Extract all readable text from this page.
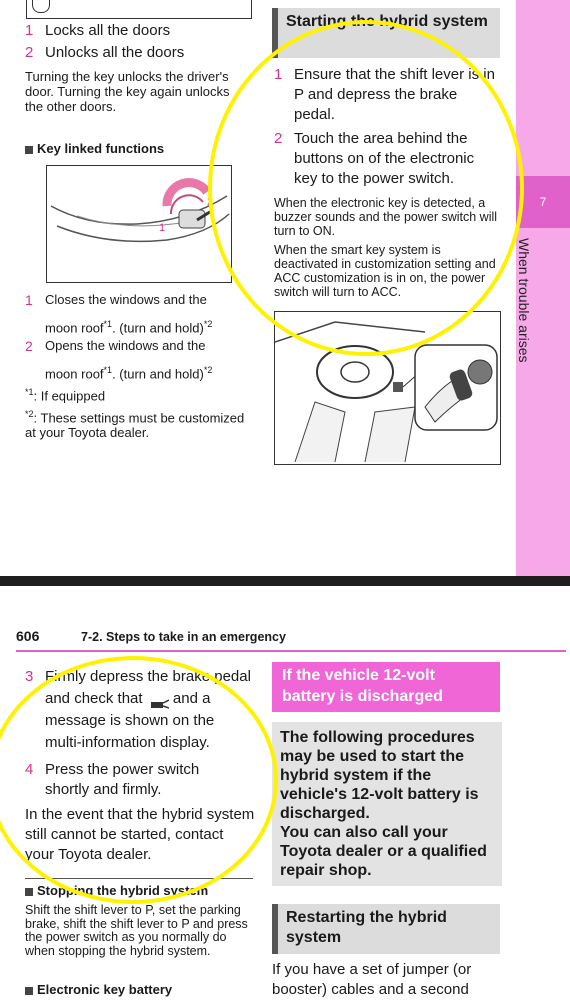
1 Locks all the doors
2 Unlocks all the doors
Turning the key unlocks the driver's door. Turning the key again unlocks the other doors.
Key linked functions
1
2
1 Closes the windows and the
moon roof$^{*1}$. (turn and hold)$^{*2}$
2 Opens the windows and the
moon roof$^{*1}$. (turn and hold)$^{*2}$
$^{*1}$: If equipped
$^{*2}$: These settings must be customized at your Toyota dealer.
Starting the hybrid system
1 Ensure that the shift lever is in P and depress the brake pedal.
2 Touch the area behind the buttons on of the electronic key to the power switch.
When the electronic key is detected, a buzzer sounds and the power switch will turn to ON.
When the smart key system is deactivated in customization setting and ACC customization is in on, the power switch will turn to ACC.
7
When trouble arises
606	7-2. Steps to take in an emergency
3 Firmly depress the brake pedal and check that and a message is shown on the multi-information display.
4 Press the power switch shortly and firmly.
In the event that the hybrid system still cannot be started, contact your Toyota dealer.
Stopping the hybrid system
Shift the shift lever to P, set the parking brake, shift the shift lever to P and press the power switch as you normally do when stopping the hybrid system.
Electronic key battery
If the vehicle 12-volt battery is discharged
The following procedures may be used to start the hybrid system if the vehicle's 12-volt battery is discharged.
You can also call your Toyota dealer or a qualified repair shop.
Restarting the hybrid system
If you have a set of jumper (or booster) cables and a second
